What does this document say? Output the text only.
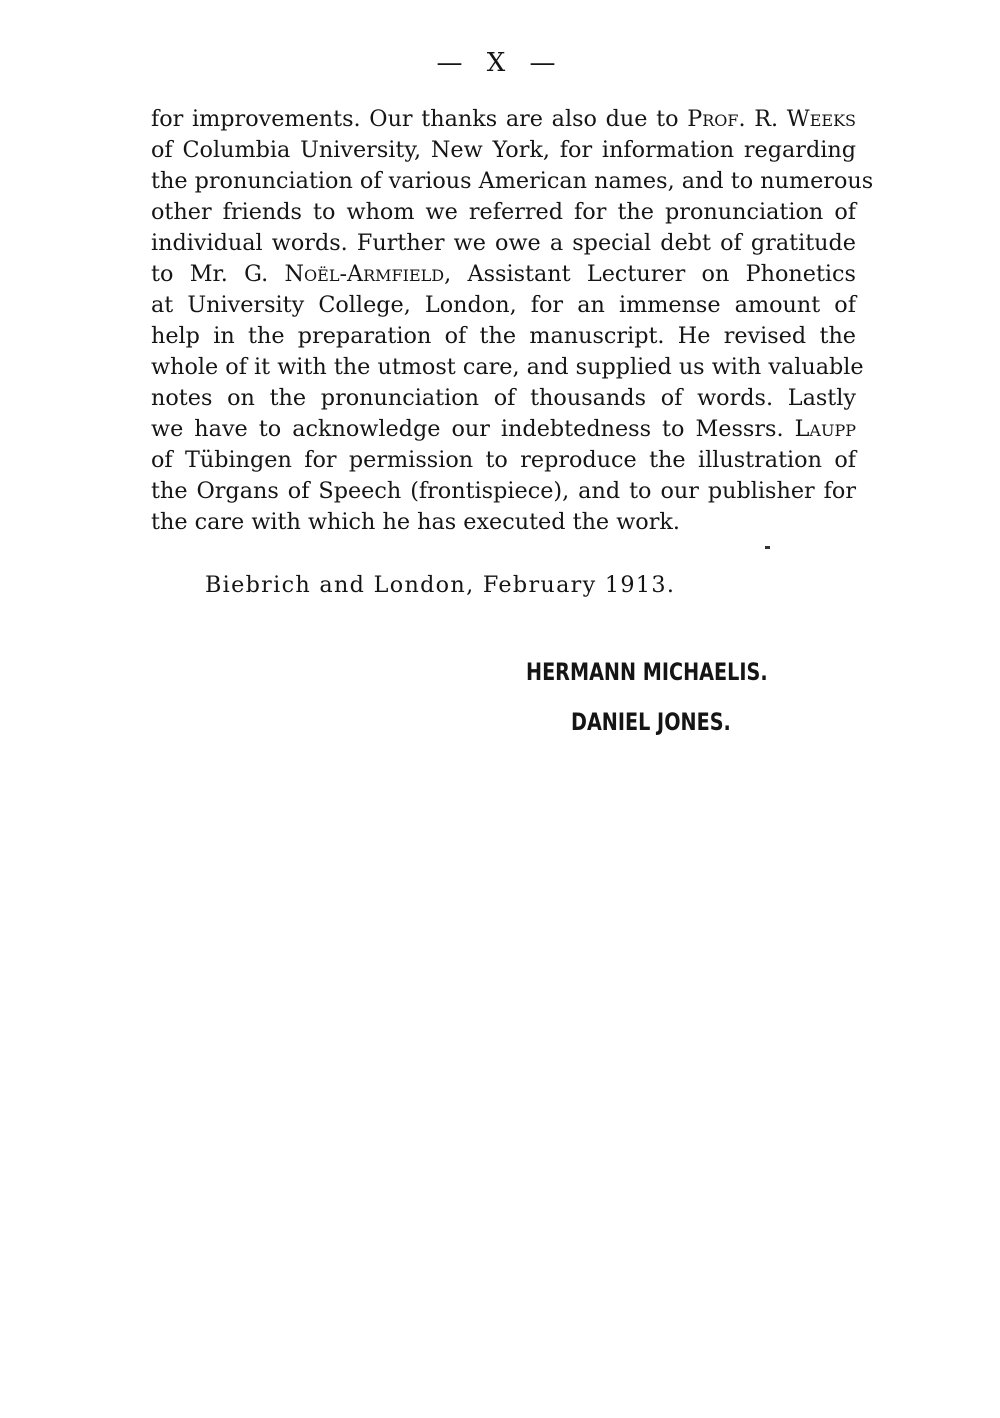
— X —

for improvements. Our thanks are also due to Prof. R. Weeks
of Columbia University, New York, for information regarding
the pronunciation of various American names, and to numerous
other friends to whom we referred for the pronunciation of
individual words. Further we owe a special debt of gratitude
to Mr. G. Noël-Armfield, Assistant Lecturer on Phonetics
at University College, London, for an immense amount of
help in the preparation of the manuscript. He revised the
whole of it with the utmost care, and supplied us with valuable
notes on the pronunciation of thousands of words. Lastly
we have to acknowledge our indebtedness to Messrs. Laupp
of Tübingen for permission to reproduce the illustration of
the Organs of Speech (frontispiece), and to our publisher for
the care with which he has executed the work.

Biebrich and London, February 1913.
HERMANN MICHAELIS.
DANIEL JONES.
